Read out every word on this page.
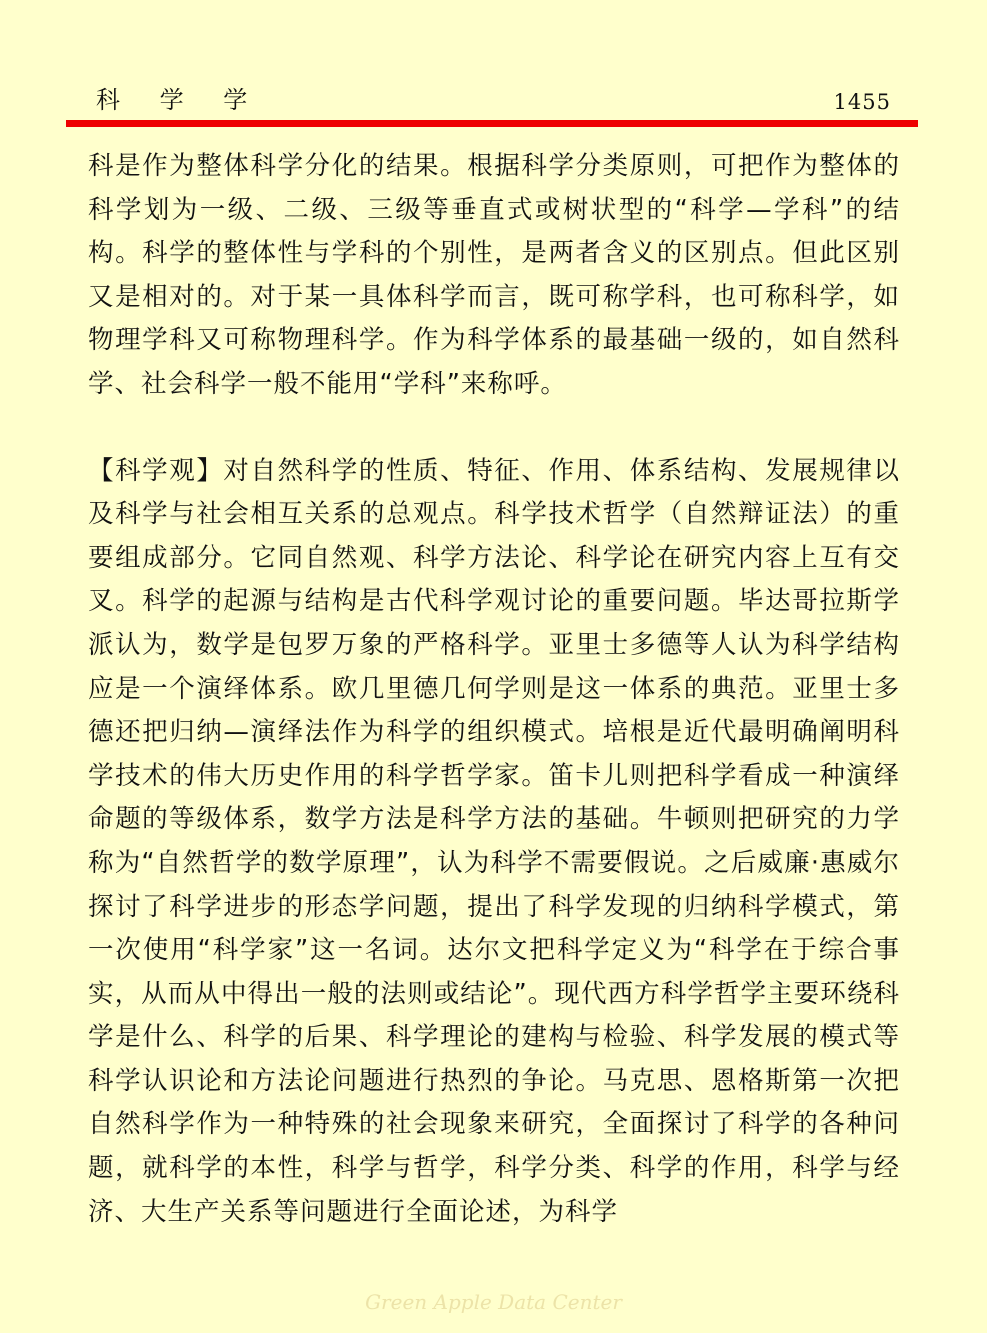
科 学 学	1455

科是作为整体科学分化的结果。根据科学分类原则，可把作为整体的科学划为一级、二级、三级等垂直式或树状型的“科学—学科”的结构。科学的整体性与学科的个别性，是两者含义的区别点。但此区别又是相对的。对于某一具体科学而言，既可称学科，也可称科学，如物理学科又可称物理科学。作为科学体系的最基础一级的，如自然科学、社会科学一般不能用“学科”来称呼。

【科学观】对自然科学的性质、特征、作用、体系结构、发展规律以及科学与社会相互关系的总观点。科学技术哲学（自然辩证法）的重要组成部分。它同自然观、科学方法论、科学论在研究内容上互有交叉。科学的起源与结构是古代科学观讨论的重要问题。毕达哥拉斯学派认为，数学是包罗万象的严格科学。亚里士多德等人认为科学结构应是一个演绎体系。欧几里德几何学则是这一体系的典范。亚里士多德还把归纳—演绎法作为科学的组织模式。培根是近代最明确阐明科学技术的伟大历史作用的科学哲学家。笛卡儿则把科学看成一种演绎命题的等级体系，数学方法是科学方法的基础。牛顿则把研究的力学称为“自然哲学的数学原理”，认为科学不需要假说。之后威廉·惠威尔探讨了科学进步的形态学问题，提出了科学发现的归纳科学模式，第一次使用“科学家”这一名词。达尔文把科学定义为“科学在于综合事实，从而从中得出一般的法则或结论”。现代西方科学哲学主要环绕科学是什么、科学的后果、科学理论的建构与检验、科学发展的模式等科学认识论和方法论问题进行热烈的争论。马克思、恩格斯第一次把自然科学作为一种特殊的社会现象来研究，全面探讨了科学的各种问题，就科学的本性，科学与哲学，科学分类、科学的作用，科学与经济、大生产关系等问题进行全面论述，为科学

Green Apple Data Center
